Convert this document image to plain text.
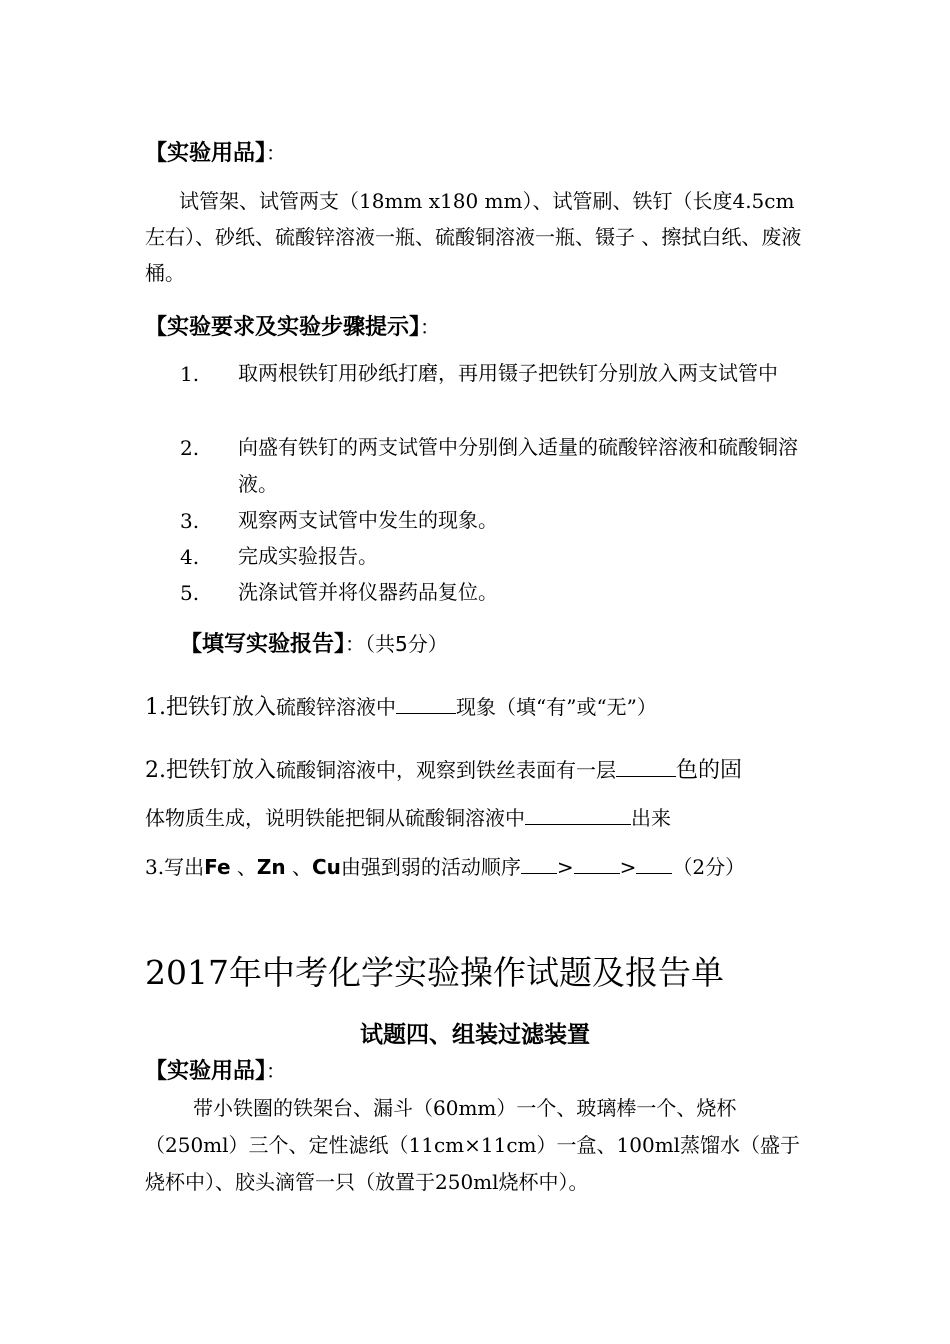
【实验用品】：
试管架、试管两支（18mm x180 mm）、试管刷、铁钉（长度4.5cm左右）、砂纸、硫酸锌溶液一瓶、硫酸铜溶液一瓶、镊子 、擦拭白纸、废液桶。
【实验要求及实验步骤提示】：
1. 取两根铁钉用砂纸打磨，再用镊子把铁钉分别放入两支试管中
2. 向盛有铁钉的两支试管中分别倒入适量的硫酸锌溶液和硫酸铜溶液。
3. 观察两支试管中发生的现象。
4. 完成实验报告。
5. 洗涤试管并将仪器药品复位。
【填写实验报告】：（共5分）
1.把铁钉放入硫酸锌溶液中	现象（填“有”或“无”）
2.把铁钉放入硫酸铜溶液中，观察到铁丝表面有一层	色的固
体物质生成，说明铁能把铜从硫酸铜溶液中	出来
3.写出Fe 、Zn 、Cu由强到弱的活动顺序 > > （2分）
2017年中考化学实验操作试题及报告单
试题四、组装过滤装置
【实验用品】：
带小铁圈的铁架台、漏斗（60mm）一个、玻璃棒一个、烧杯（250ml）三个、定性滤纸（11cm×11cm）一盒、100ml蒸馏水（盛于烧杯中）、胶头滴管一只（放置于250ml烧杯中）。
